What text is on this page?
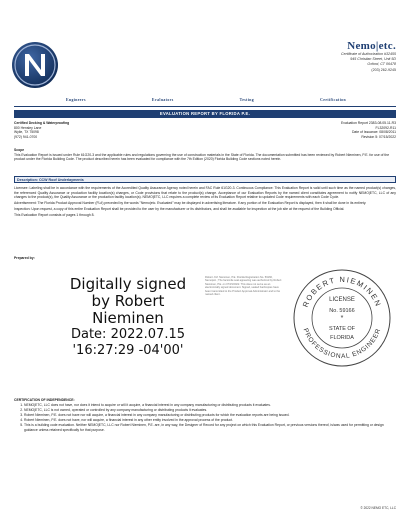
Nemo|etc.
Certificate of Authorization #32455
945 Christian Street, Unit 5D
Oxford, CT 06478
(203) 262-9245
Engineers	Evaluators	Testing	Certification
EVALUATION REPORT BY FLORIDA P.E.
Certified Decking & Waterproofing
800 Hensley Lane
Wylie, TX 75098
(972) 941-0700
Evaluation Report 2383-08.05.11-R3
FL32092-R11
Date of Issuance: 08/08/2011
Revision 5: 07/15/2022
Scope
This Evaluation Report is issued under Rule 61G20-3 and the applicable rules and regulations governing the use of construction materials in the State of Florida. The documentation submitted has been reviewed by Robert Nieminen, P.E. for use of the product under the Florida Building Code. The product described herein has been evaluated for compliance with the 7th Edition (2020) Florida Building Code sections noted herein.
Description: CCW Roof Underlayments

Licensee: Labeling shall be in accordance with the requirements of the Accredited Quality Assurance Agency noted herein and FAC Rule 61G20-3. Continuous Compliance: This Evaluation Report is valid until such time as the named product(s) changes, the referenced Quality Assurance or production facility location(s) changes, or Code provisions that relate to the product(s) change. Acceptance of our Evaluation Reports by the named client constitutes agreement to notify NEMO|ETC, LLC of any changes to the product(s), the Quality Assurance or the production facility location(s). NEMO|ETC, LLC requires a complete review of its Evaluation Report relative to updated Code requirements with each Code Cycle.

Advertisement: The Florida Product Approval Number (FL#) preceded by the words "Nemo|etc. Evaluated" may be displayed in advertising literature. If any portion of the Evaluation Report is displayed, then it shall be done in its entirety.

Inspection: Upon request, a copy of this entire Evaluation Report shall be provided to the user by the manufacturer or its distributors, and shall be available for inspection at the job site at the request of the Building Official.

This Evaluation Report consists of pages 1 through 8.

Prepared by:
Digitally signed
by Robert
Nieminen
Date: 2022.07.15
'16:27:29 -04'00'
Robert J.M. Nieminen, P.E. Florida Registration No. 59166, Nemo|etc.; The facsimile seal appearing was authorized by Robert Nieminen, P.E. on 07/15/2022. This does not serve as an electronically signed document. Signed, sealed hardcopies have been transmitted to the Product Approval Administrator and to the named client.
ROBERT NIEMINEN
PROFESSIONAL ENGINEER
LICENSE
No. 59166
*
STATE OF
FLORIDA
CERTIFICATION OF INDEPENDENCE:
1. NEMO|ETC, LLC does not have, nor does it intend to acquire or will it acquire, a financial interest in any company manufacturing or distributing products it evaluates.
2. NEMO|ETC, LLC is not owned, operated or controlled by any company manufacturing or distributing products it evaluates.
3. Robert Nieminen, P.E. does not have nor will acquire, a financial interest in any company manufacturing or distributing products for which the evaluation reports are being issued.
4. Robert Nieminen, P.E. does not have, nor will acquire, a financial interest in any other entity involved in the approval process of the product.
5. This is a building code evaluation. Neither NEMO|ETC, LLC nor Robert Nieminen, P.E. are, in any way, the Designer of Record for any project on which this Evaluation Report, or previous versions thereof, is/was used for permitting or design guidance unless retained specifically for that purpose.
© 2022 NEMO ETC, LLC
